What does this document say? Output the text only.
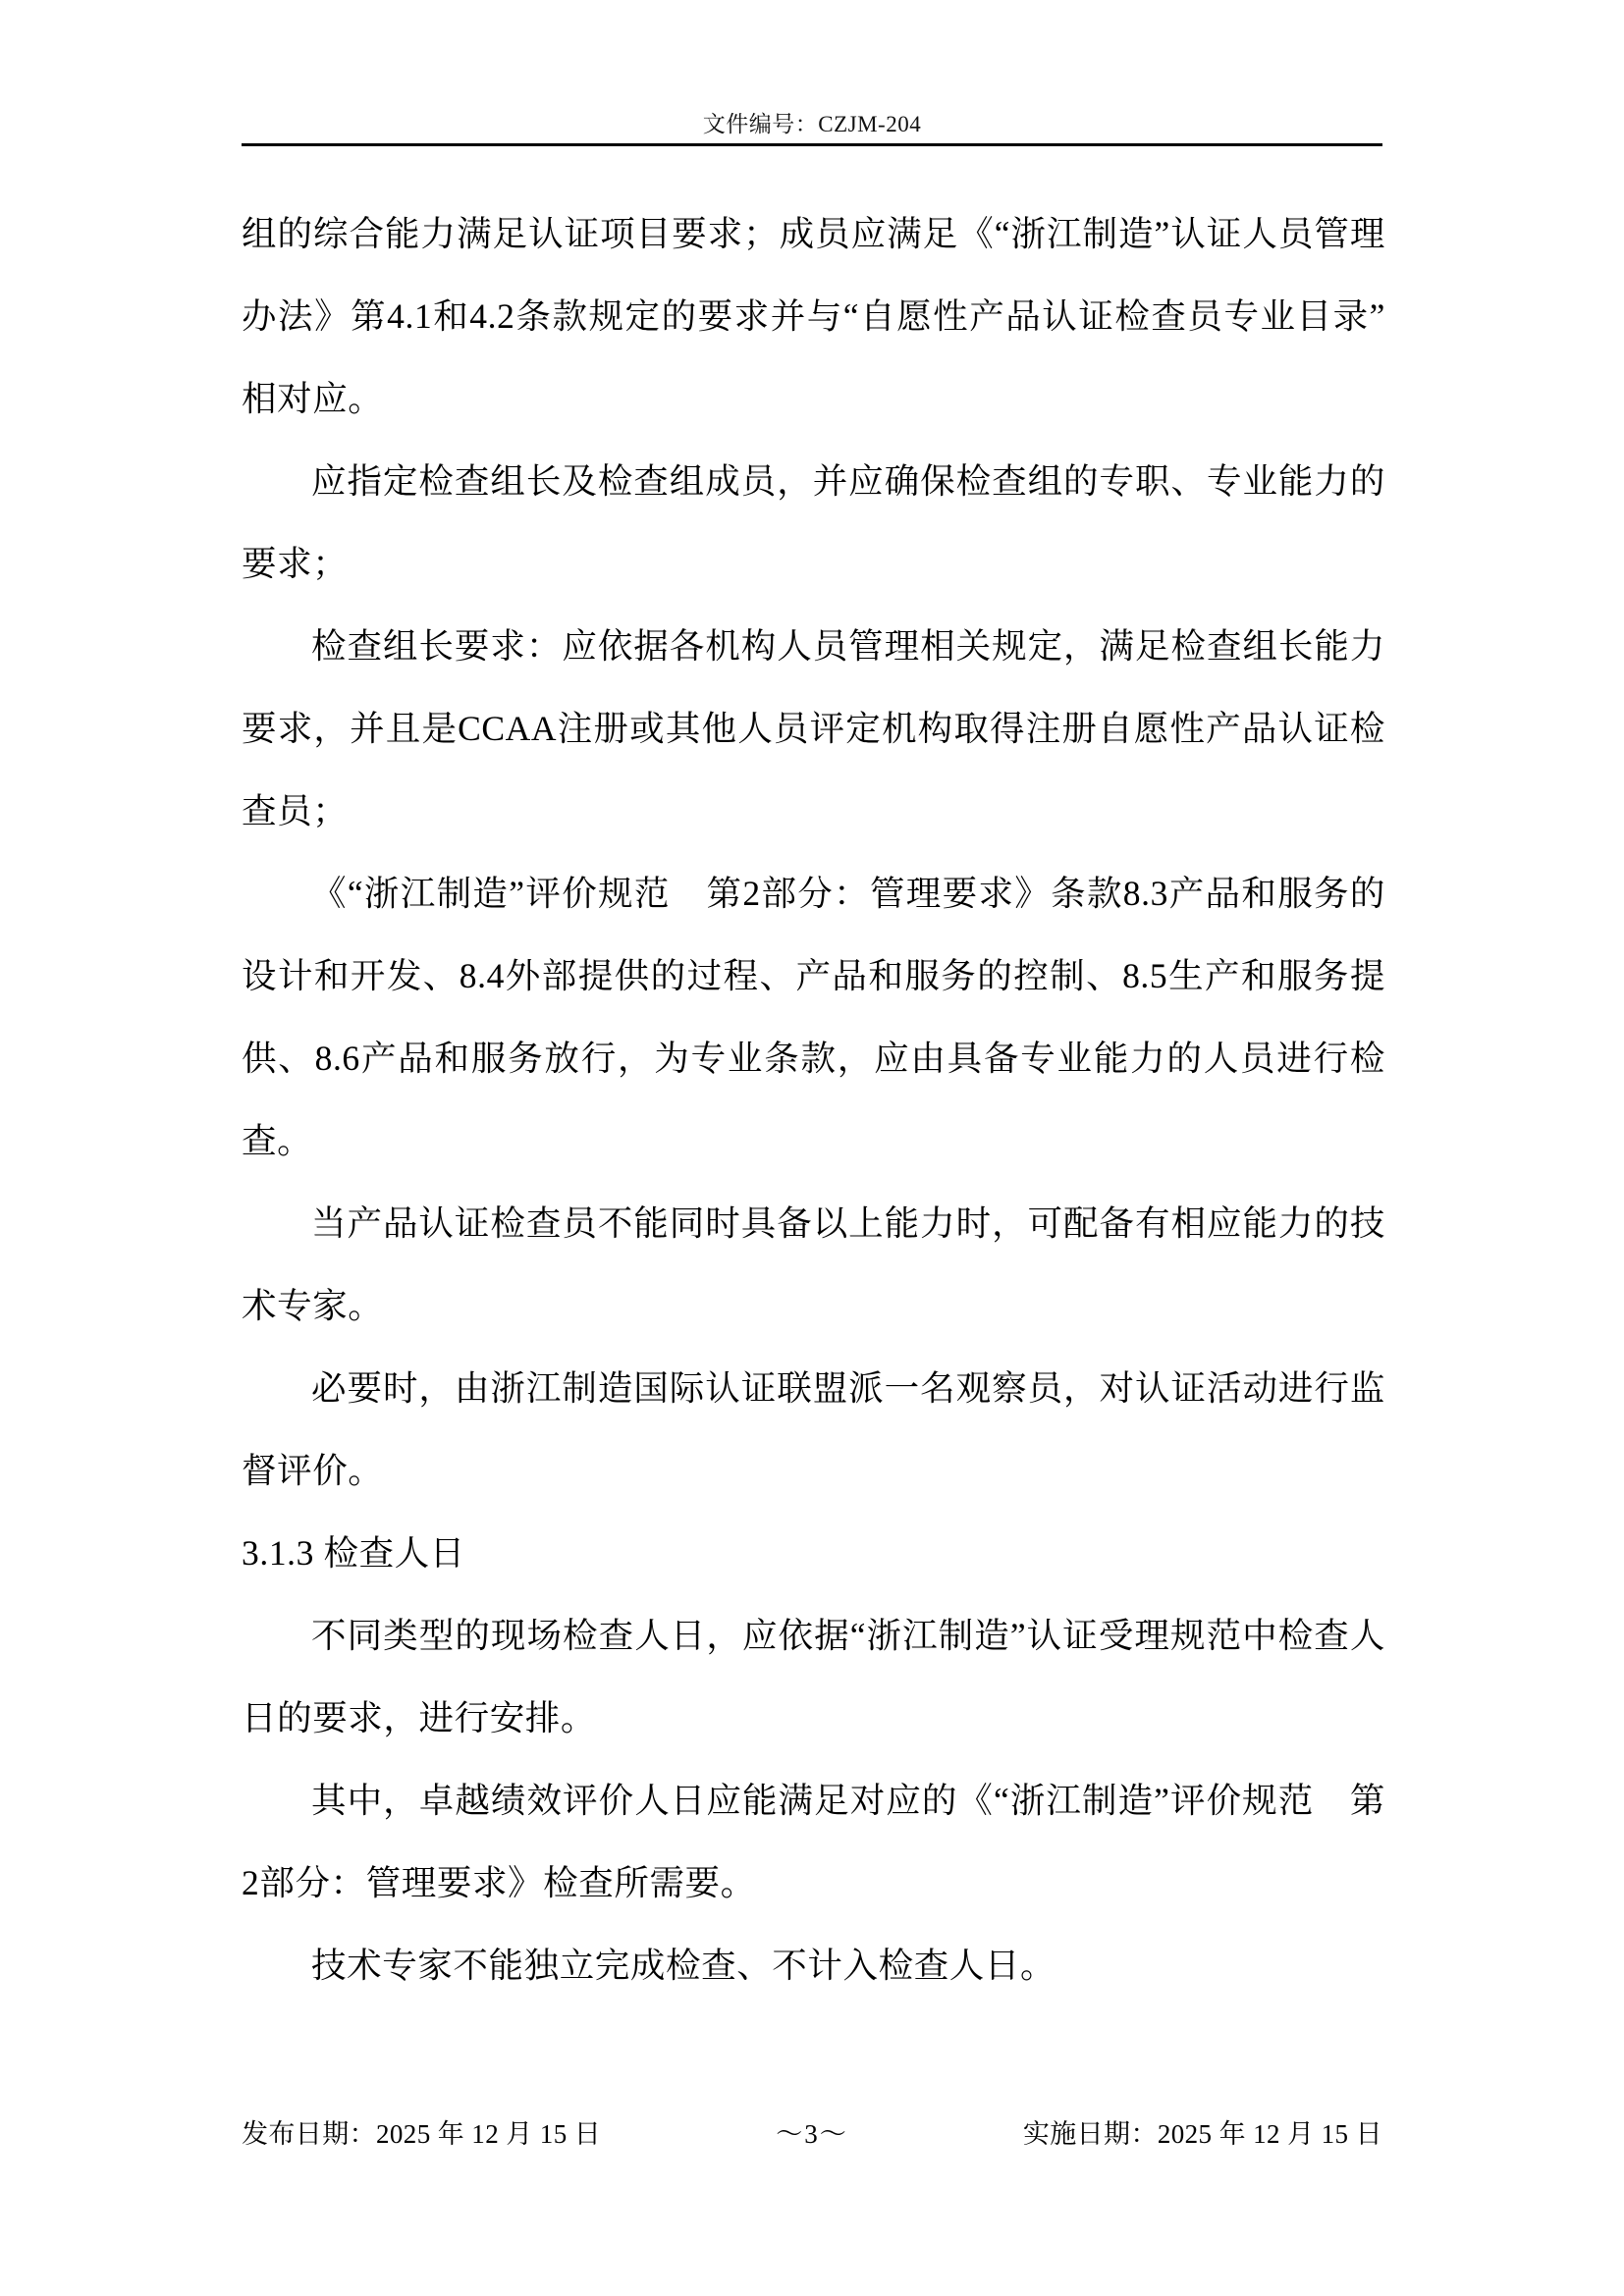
文件编号：CZJM-204

组的综合能力满足认证项目要求；成员应满足《“浙江制造”认证人员管理办法》第4.1和4.2条款规定的要求并与“自愿性产品认证检查员专业目录”相对应。

应指定检查组长及检查组成员，并应确保检查组的专职、专业能力的要求；

检查组长要求：应依据各机构人员管理相关规定，满足检查组长能力要求，并且是CCAA注册或其他人员评定机构取得注册自愿性产品认证检查员；

《“浙江制造”评价规范　第2部分：管理要求》条款8.3产品和服务的设计和开发、8.4外部提供的过程、产品和服务的控制、8.5生产和服务提供、8.6产品和服务放行，为专业条款，应由具备专业能力的人员进行检查。

当产品认证检查员不能同时具备以上能力时，可配备有相应能力的技术专家。

必要时，由浙江制造国际认证联盟派一名观察员，对认证活动进行监督评价。

3.1.3 检查人日

不同类型的现场检查人日，应依据“浙江制造”认证受理规范中检查人日的要求，进行安排。

其中，卓越绩效评价人日应能满足对应的《“浙江制造”评价规范　第2部分：管理要求》检查所需要。

技术专家不能独立完成检查、不计入检查人日。

发布日期：2025 年 12 月 15 日	～3～	实施日期：2025 年 12 月 15 日
